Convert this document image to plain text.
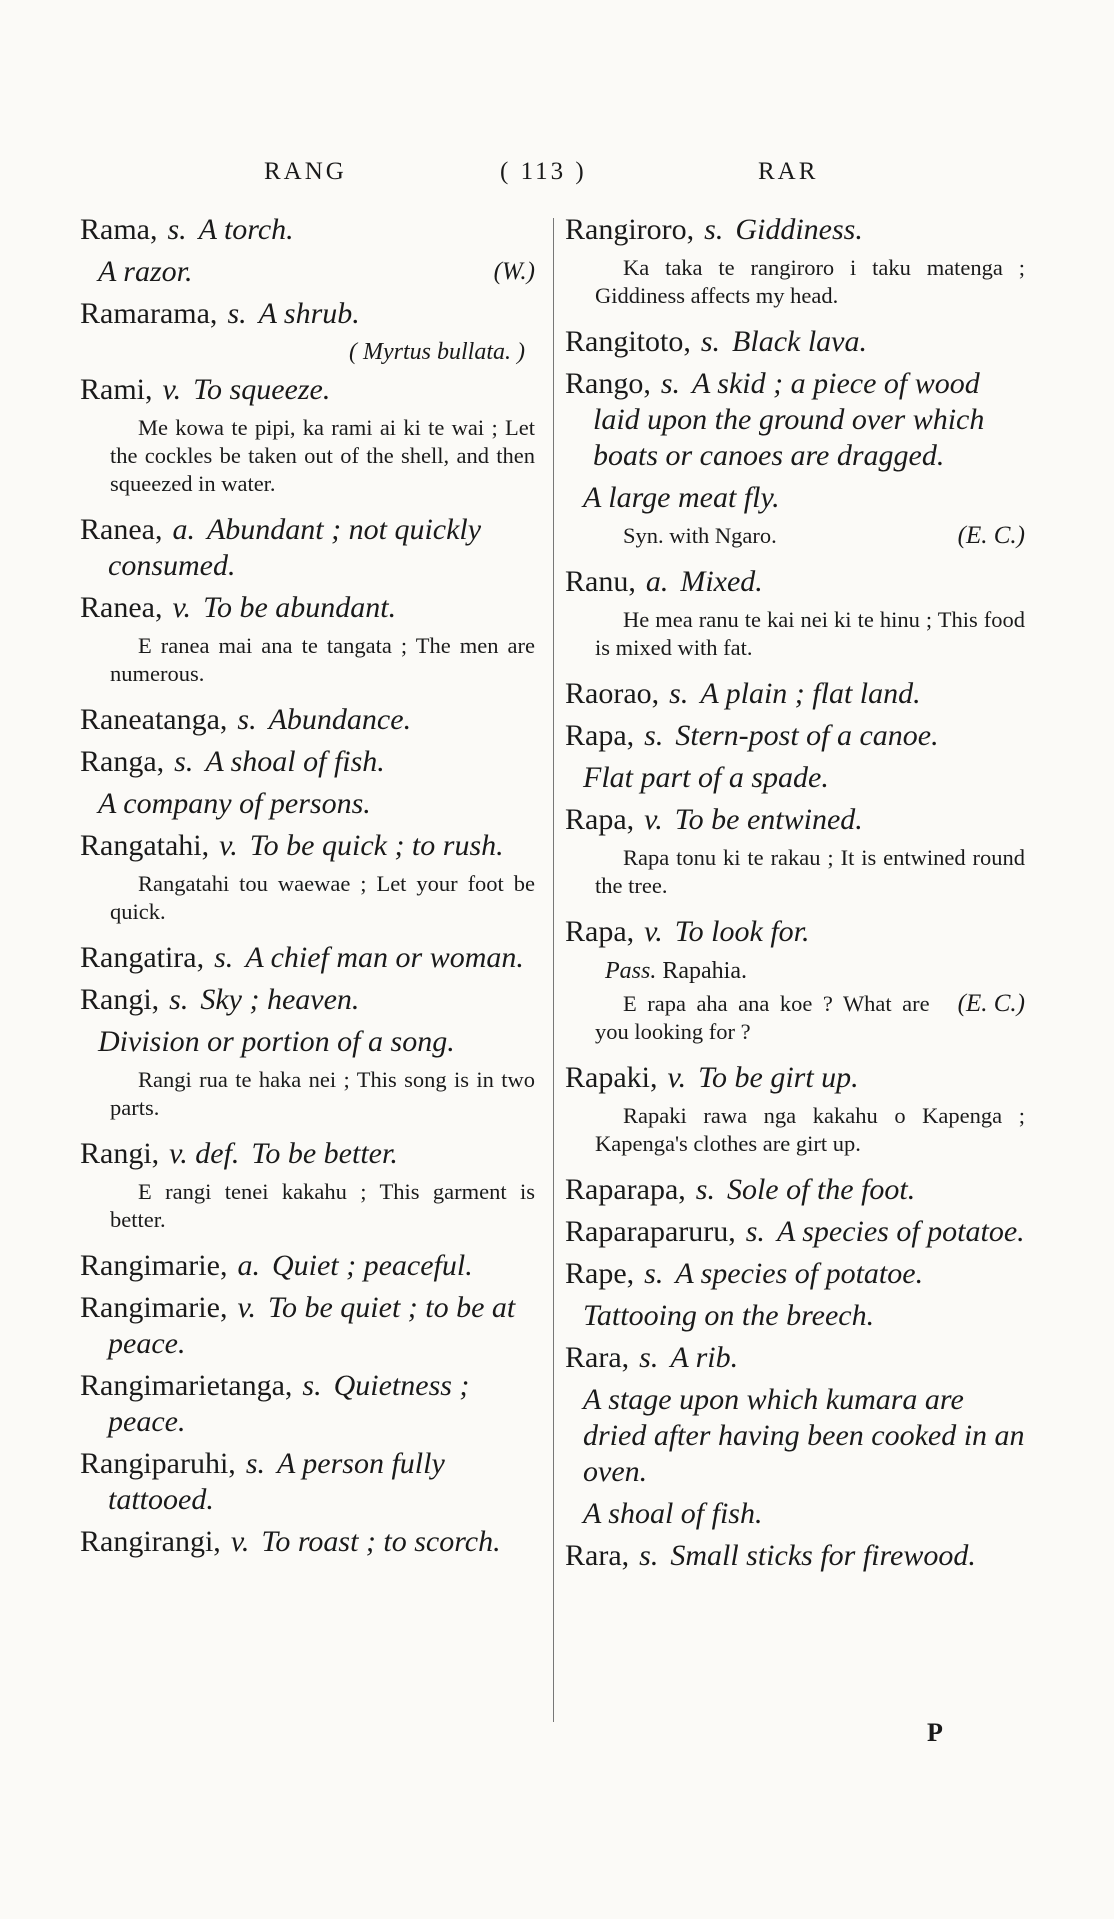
RANG	( 113 )	RAR
Rama, s. A torch.
(W.)
A razor.
Ramarama, s. A shrub.
( Myrtus bullata. )
Rami, v. To squeeze.
Me kowa te pipi, ka rami ai ki te wai ; Let the cockles be taken out of the shell, and then squeezed in water.
Ranea, a. Abundant ; not quickly consumed.
Ranea, v. To be abundant.
E ranea mai ana te tangata ; The men are numerous.
Raneatanga, s. Abundance.
Ranga, s. A shoal of fish.
A company of persons.
Rangatahi, v. To be quick ; to rush.
Rangatahi tou waewae ; Let your foot be quick.
Rangatira, s. A chief man or woman.
Rangi, s. Sky ; heaven.
Division or portion of a song.
Rangi rua te haka nei ; This song is in two parts.
Rangi, v. def. To be better.
E rangi tenei kakahu ; This garment is better.
Rangimarie, a. Quiet ; peaceful.
Rangimarie, v. To be quiet ; to be at peace.
Rangimarietanga, s. Quietness ; peace.
Rangiparuhi, s. A person fully tattooed.
Rangirangi, v. To roast ; to scorch.
Rangiroro, s. Giddiness.
Ka taka te rangiroro i taku matenga ; Giddiness affects my head.
Rangitoto, s. Black lava.
Rango, s. A skid ; a piece of wood laid upon the ground over which boats or canoes are dragged.
A large meat fly.
(E. C.)
Syn. with Ngaro.
Ranu, a. Mixed.
He mea ranu te kai nei ki te hinu ; This food is mixed with fat.
Raorao, s. A plain ; flat land.
Rapa, s. Stern-post of a canoe.
Flat part of a spade.
Rapa, v. To be entwined.
Rapa tonu ki te rakau ; It is entwined round the tree.
Rapa, v. To look for.
Pass. Rapahia.
(E. C.)
E rapa aha ana koe ? What are you looking for ?
Rapaki, v. To be girt up.
Rapaki rawa nga kakahu o Kapenga ; Kapenga's clothes are girt up.
Raparapa, s. Sole of the foot.
Raparaparuru, s. A species of potatoe.
Rape, s. A species of potatoe.
Tattooing on the breech.
Rara, s. A rib.
A stage upon which kumara are dried after having been cooked in an oven.
A shoal of fish.
Rara, s. Small sticks for firewood.
P
